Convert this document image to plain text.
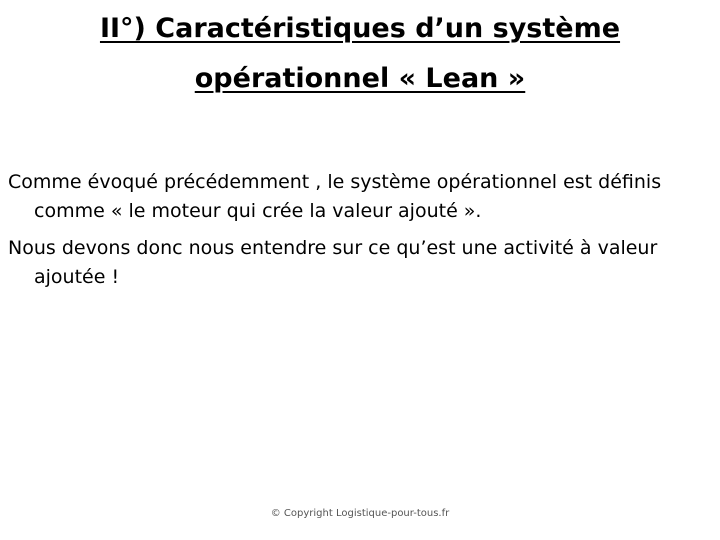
II°) Caractéristiques d’un système
opérationnel « Lean »

Comme évoqué précédemment , le système opérationnel est définis comme « le moteur qui crée la valeur ajouté ».

Nous devons donc nous entendre sur ce qu’est une activité à valeur ajoutée !

© Copyright Logistique-pour-tous.fr
